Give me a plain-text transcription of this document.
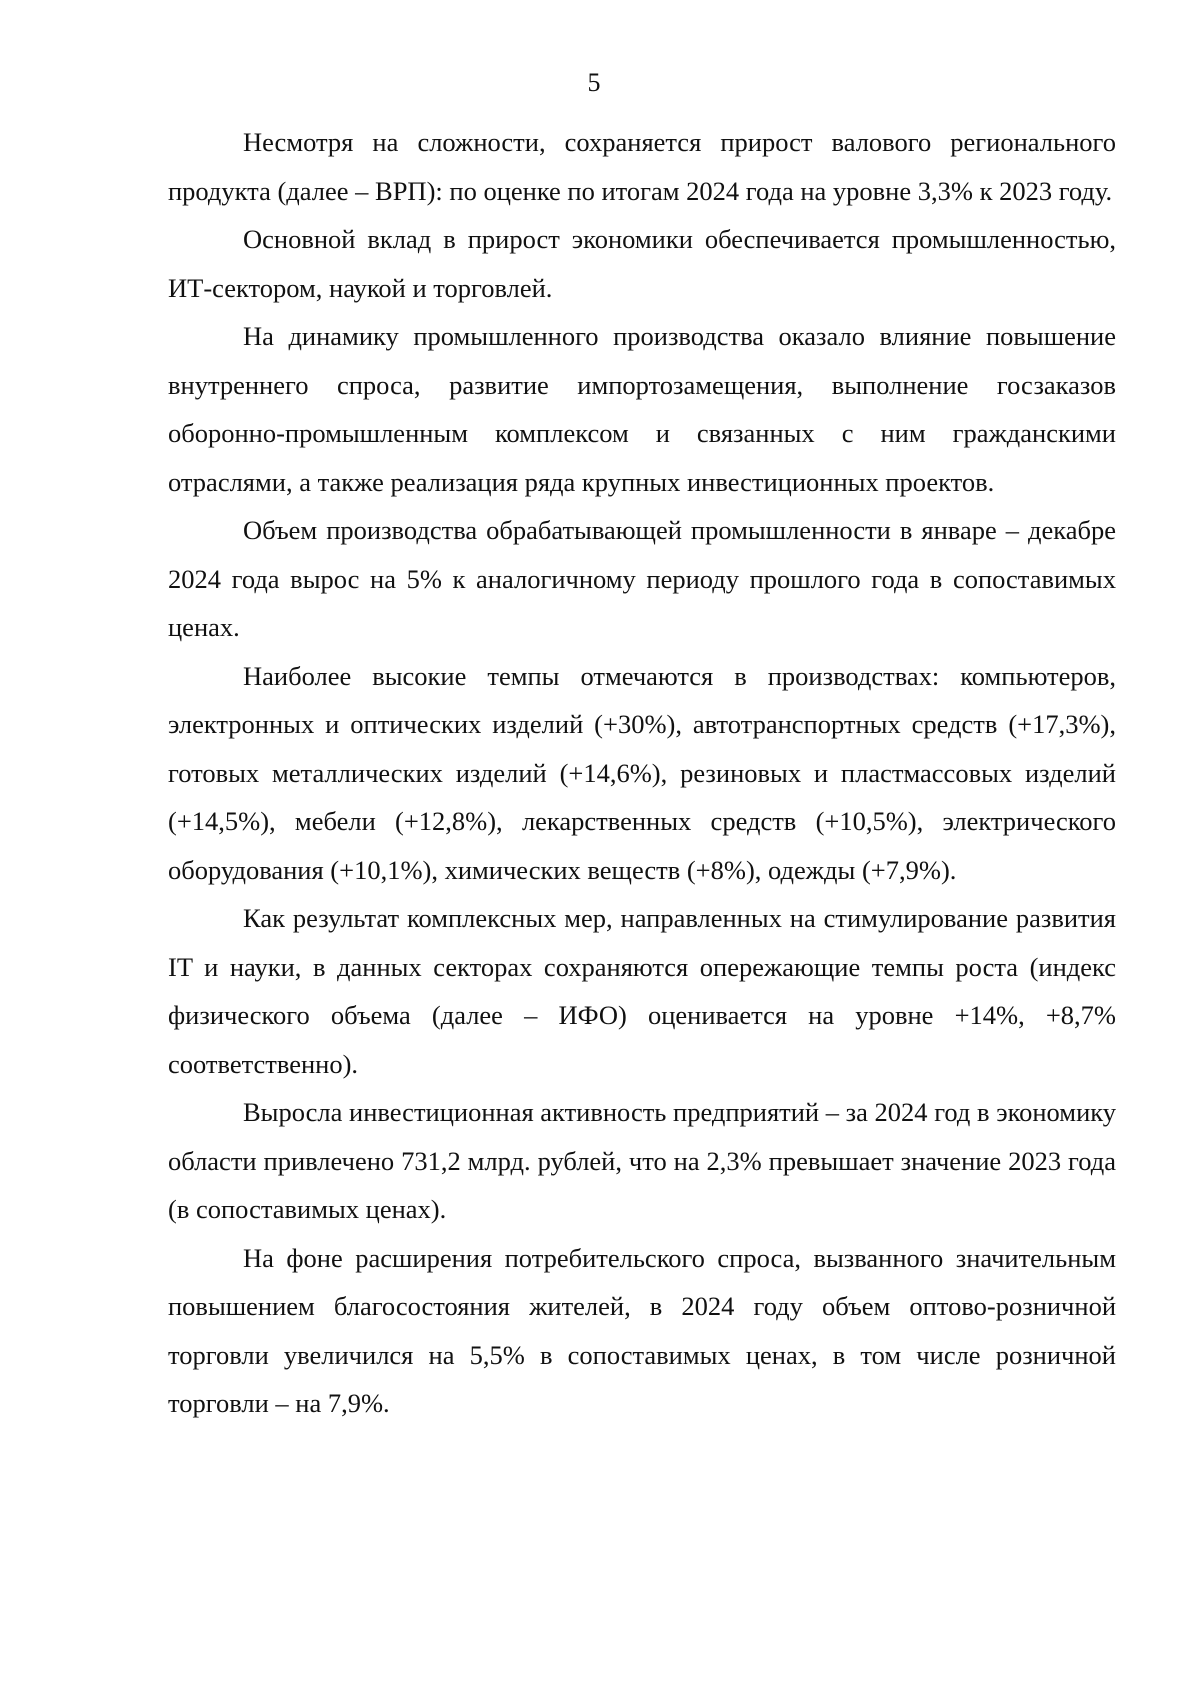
5

Несмотря на сложности, сохраняется прирост валового регионального продукта (далее – ВРП): по оценке по итогам 2024 года на уровне 3,3% к 2023 году.

Основной вклад в прирост экономики обеспечивается промышленностью, ИТ-сектором, наукой и торговлей.

На динамику промышленного производства оказало влияние повышение внутреннего спроса, развитие импортозамещения, выполнение госзаказов оборонно-промышленным комплексом и связанных с ним гражданскими отраслями, а также реализация ряда крупных инвестиционных проектов.

Объем производства обрабатывающей промышленности в январе – декабре 2024 года вырос на 5% к аналогичному периоду прошлого года в сопоставимых ценах.

Наиболее высокие темпы отмечаются в производствах: компьютеров, электронных и оптических изделий (+30%), автотранспортных средств (+17,3%), готовых металлических изделий (+14,6%), резиновых и пластмассовых изделий (+14,5%), мебели (+12,8%), лекарственных средств (+10,5%), электрического оборудования (+10,1%), химических веществ (+8%), одежды (+7,9%).

Как результат комплексных мер, направленных на стимулирование развития IT и науки, в данных секторах сохраняются опережающие темпы роста (индекс физического объема (далее – ИФО) оценивается на уровне +14%, +8,7% соответственно).

Выросла инвестиционная активность предприятий – за 2024 год в экономику области привлечено 731,2 млрд. рублей, что на 2,3% превышает значение 2023 года (в сопоставимых ценах).

На фоне расширения потребительского спроса, вызванного значительным повышением благосостояния жителей, в 2024 году объем оптово-розничной торговли увеличился на 5,5% в сопоставимых ценах, в том числе розничной торговли – на 7,9%.
